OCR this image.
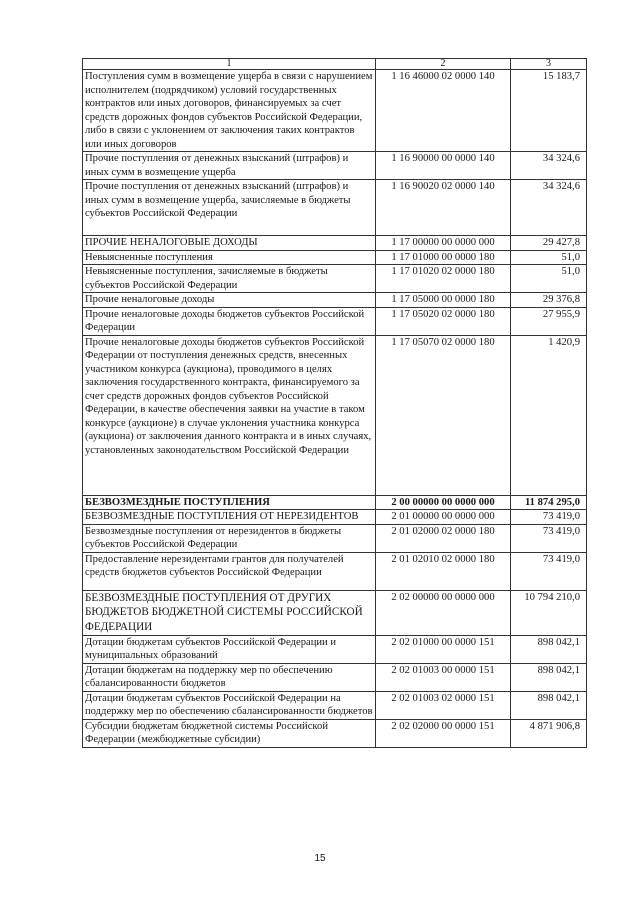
1	2	3
Поступления сумм в возмещение ущерба в связи с нарушением исполнителем (подрядчиком) условий государственных контрактов или иных договоров, финансируемых за счет средств дорожных фондов субъектов Российской Федерации, либо в связи с уклонением от заключения таких контрактов или иных договоров	1 16 46000 02 0000 140	15 183,7
Прочие поступления от денежных взысканий (штрафов) и иных сумм в возмещение ущерба	1 16 90000 00 0000 140	34 324,6
Прочие поступления от денежных взысканий (штрафов) и иных сумм в возмещение ущерба, зачисляемые в бюджеты субъектов Российской Федерации	1 16 90020 02 0000 140	34 324,6
ПРОЧИЕ НЕНАЛОГОВЫЕ ДОХОДЫ	1 17 00000 00 0000 000	29 427,8
Невыясненные поступления	1 17 01000 00 0000 180	51,0
Невыясненные поступления, зачисляемые в бюджеты субъектов Российской Федерации	1 17 01020 02 0000 180	51,0
Прочие неналоговые доходы	1 17 05000 00 0000 180	29 376,8
Прочие неналоговые доходы бюджетов субъектов Российской Федерации	1 17 05020 02 0000 180	27 955,9
Прочие неналоговые доходы бюджетов субъектов Российской Федерации от поступления денежных средств, внесенных участником конкурса (аукциона), проводимого в целях заключения государственного контракта, финансируемого за счет средств дорожных фондов субъектов Российской Федерации, в качестве обеспечения заявки на участие в таком конкурсе (аукционе) в случае уклонения участника конкурса (аукциона) от заключения данного контракта и в иных случаях, установленных законодательством Российской Федерации	1 17 05070 02 0000 180	1 420,9
БЕЗВОЗМЕЗДНЫЕ ПОСТУПЛЕНИЯ	2 00 00000 00 0000 000	11 874 295,0
БЕЗВОЗМЕЗДНЫЕ ПОСТУПЛЕНИЯ ОТ НЕРЕЗИДЕНТОВ	2 01 00000 00 0000 000	73 419,0
Безвозмездные поступления от нерезидентов в бюджеты субъектов Российской Федерации	2 01 02000 02 0000 180	73 419,0
Предоставление нерезидентами грантов для получателей средств бюджетов субъектов Российской Федерации	2 01 02010 02 0000 180	73 419,0
БЕЗВОЗМЕЗДНЫЕ ПОСТУПЛЕНИЯ ОТ ДРУГИХ БЮДЖЕТОВ БЮДЖЕТНОЙ СИСТЕМЫ РОССИЙСКОЙ ФЕДЕРАЦИИ	2 02 00000 00 0000 000	10 794 210,0
Дотации бюджетам субъектов Российской Федерации и муниципальных образований	2 02 01000 00 0000 151	898 042,1
Дотации бюджетам на поддержку мер по обеспечению сбалансированности бюджетов	2 02 01003 00 0000 151	898 042,1
Дотации бюджетам субъектов Российской Федерации на поддержку мер по обеспечению сбалансированности бюджетов	2 02 01003 02 0000 151	898 042,1
Субсидии бюджетам бюджетной системы Российской Федерации (межбюджетные субсидии)	2 02 02000 00 0000 151	4 871 906,8
15
